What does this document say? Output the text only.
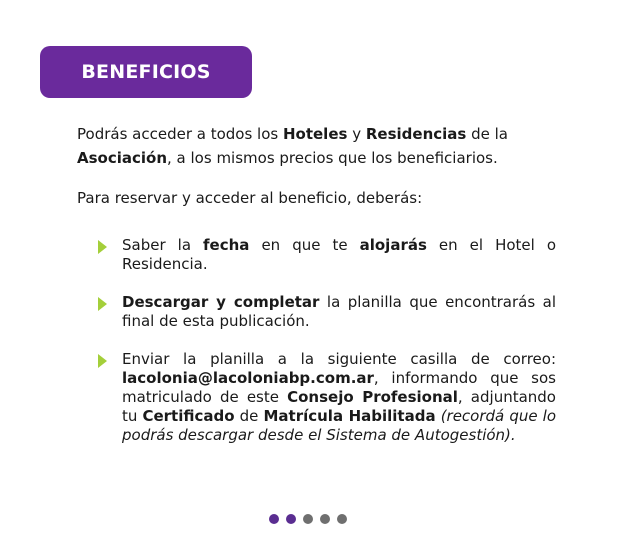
BENEFICIOS

Podrás acceder a todos los Hoteles y Residencias de la Asociación, a los mismos precios que los beneficiarios.

Para reservar y acceder al beneficio, deberás:

Saber la fecha en que te alojarás en el Hotel o Residencia.
Descargar y completar la planilla que encontrarás al final de esta publicación.
Enviar la planilla a la siguiente casilla de correo: lacolonia@lacoloniabp.com.ar, informando que sos matriculado de este Consejo Profesional, adjuntando tu Certificado de Matrícula Habilitada (recordá que lo podrás descargar desde el Sistema de Autogestión).
